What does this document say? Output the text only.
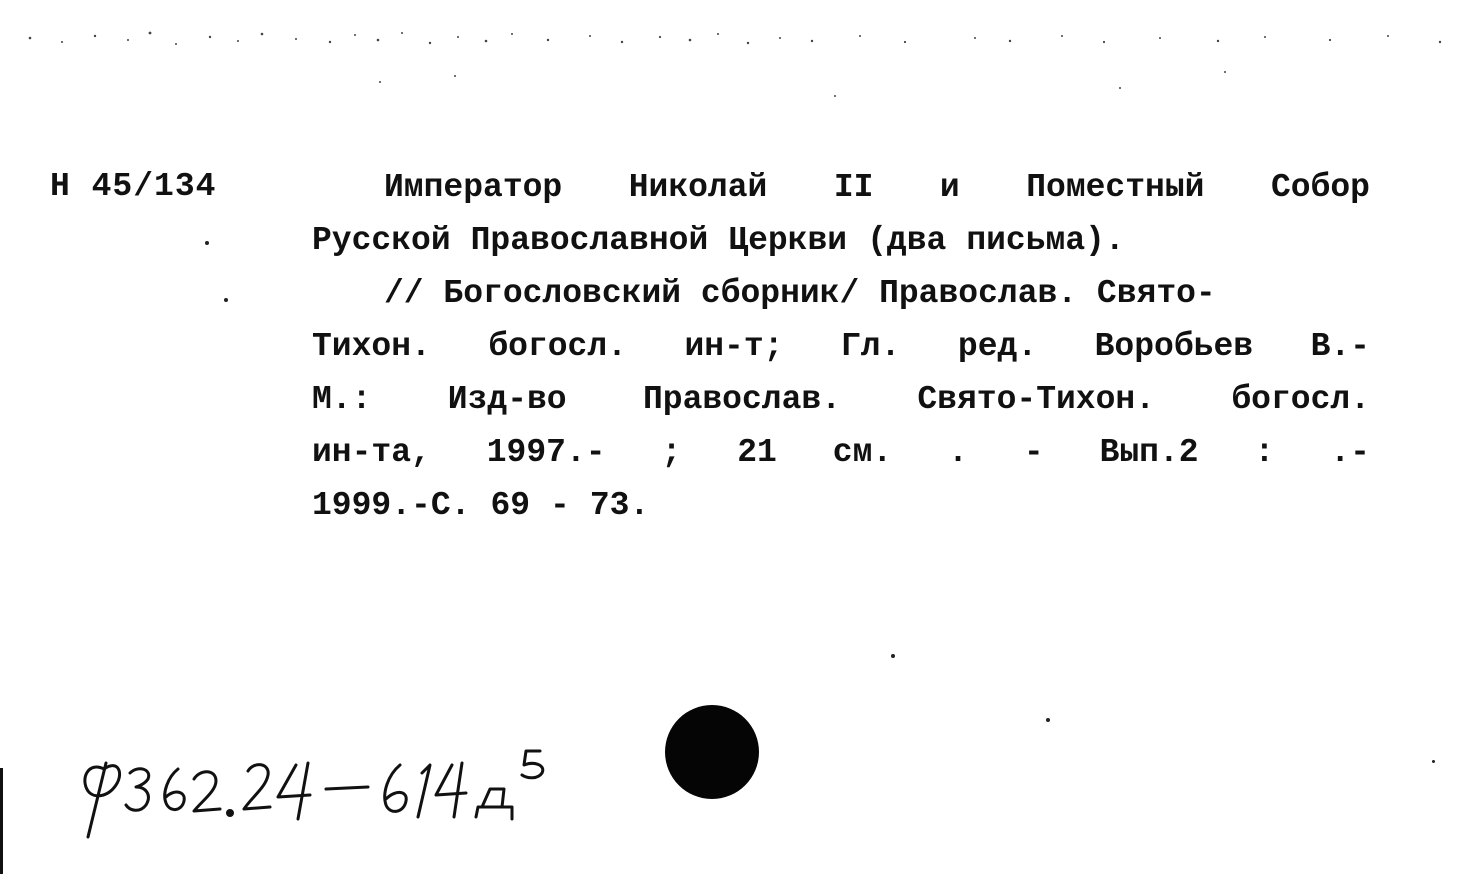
Н 45/134	Император Николай II и Поместный Собор
Русской Православной Церкви (два письма).
// Богословский сборник/ Православ. Свято-
Тихон. богосл. ин-т; Гл. ред. Воробьев В.-
М.: Изд-во Православ. Свято-Тихон. богосл.
ин-та, 1997.- ; 21 см. . - Вып.2 : .-
1999.-С. 69 - 73.
